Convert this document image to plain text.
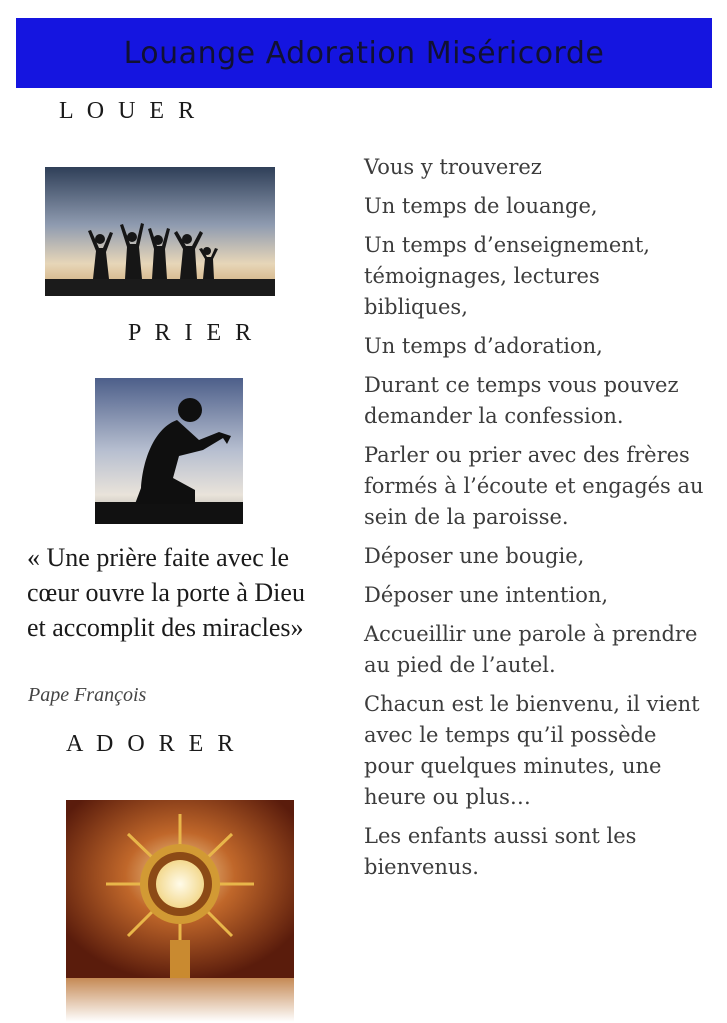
Louange Adoration Miséricorde
L O U E R
P R I E R
« Une prière faite avec le cœur ouvre la porte à Dieu et accomplit des miracles»
Pape François
A D O R E R

Vous y trouverez

Un temps de louange,

Un temps d’enseignement, témoignages, lectures bibliques,

Un temps d’adoration,

Durant ce temps vous pouvez demander la confession.

Parler ou prier avec des frères formés à l’écoute et engagés au sein de la paroisse.

Déposer une bougie,

Déposer une intention,

Accueillir une parole à prendre au pied de l’autel.

Chacun est le bienvenu, il vient avec le temps qu’il possède pour quelques minutes, une heure ou plus…

Les enfants aussi sont les bienvenus.
